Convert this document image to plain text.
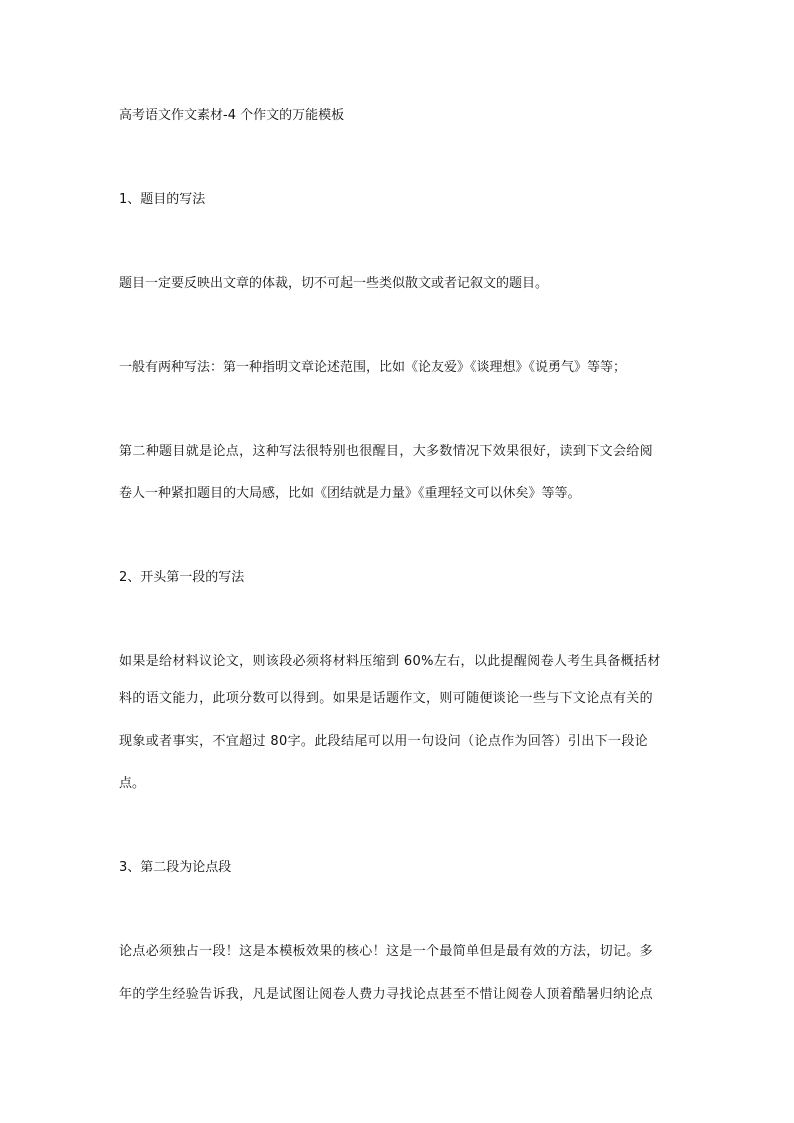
高考语文作文素材-4 个作文的万能模板
1、题目的写法
题目一定要反映出文章的体裁，切不可起一些类似散文或者记叙文的题目。
一般有两种写法：第一种指明文章论述范围，比如《论友爱》《谈理想》《说勇气》等等；
第二种题目就是论点，这种写法很特别也很醒目，大多数情况下效果很好，读到下文会给阅
卷人一种紧扣题目的大局感，比如《团结就是力量》《重理轻文可以休矣》等等。
2、开头第一段的写法
如果是给材料议论文，则该段必须将材料压缩到 60%左右，以此提醒阅卷人考生具备概括材
料的语文能力，此项分数可以得到。如果是话题作文，则可随便谈论一些与下文论点有关的
现象或者事实，不宜超过 80字。此段结尾可以用一句设问（论点作为回答）引出下一段论
点。
3、第二段为论点段
论点必须独占一段！这是本模板效果的核心！这是一个最简单但是最有效的方法，切记。多
年的学生经验告诉我，凡是试图让阅卷人费力寻找论点甚至不惜让阅卷人顶着酷暑归纳论点
